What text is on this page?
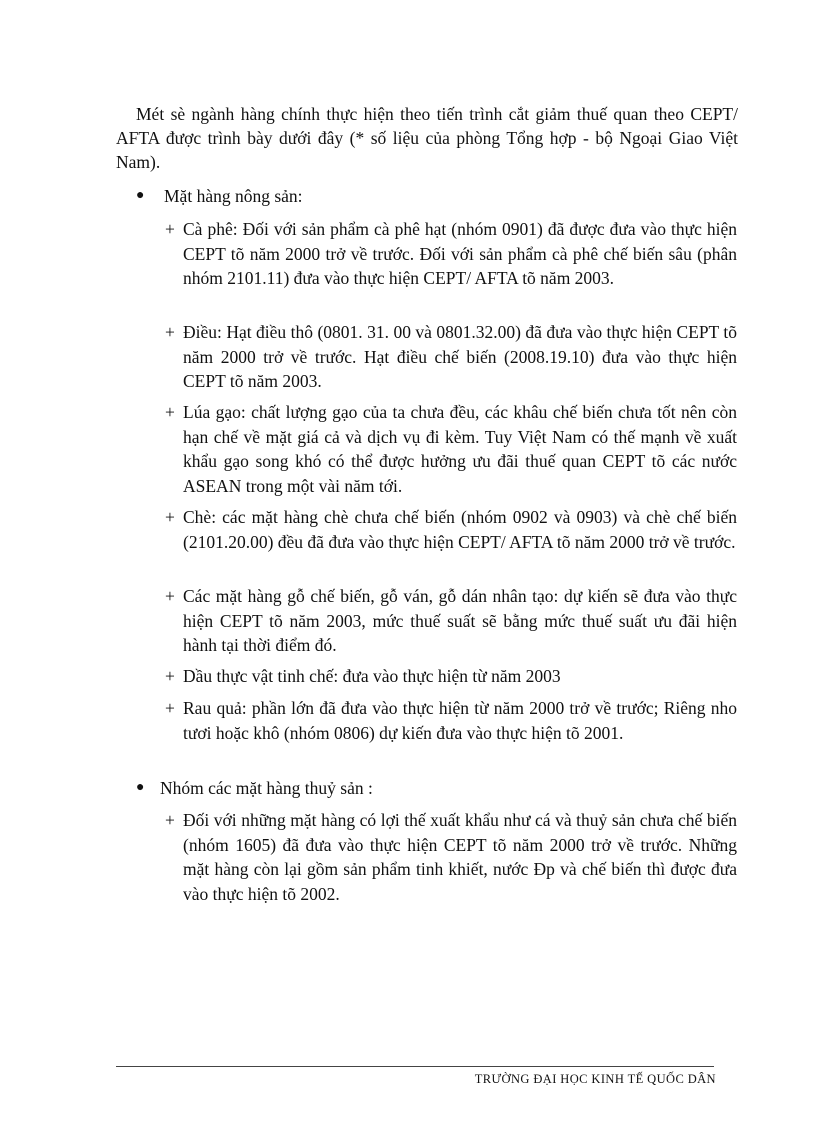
Mét sè ngành hàng chính thực hiện theo tiến trình cắt giảm thuế quan theo CEPT/ AFTA được trình bày dưới đây (* số liệu của phòng Tổng hợp - bộ Ngoại Giao Việt Nam).

● Mặt hàng nông sản:
+ Cà phê: Đối với sản phẩm cà phê hạt (nhóm 0901) đã được đưa vào thực hiện CEPT tõ năm 2000 trở về trước. Đối với sản phẩm cà phê chế biến sâu (phân nhóm 2101.11) đưa vào thực hiện CEPT/ AFTA tõ năm 2003.
+ Điều: Hạt điều thô (0801. 31. 00 và 0801.32.00) đã đưa vào thực hiện CEPT tõ năm 2000 trở về trước. Hạt điều chế biến (2008.19.10) đưa vào thực hiện CEPT tõ năm 2003.
+ Lúa gạo: chất lượng gạo của ta chưa đều, các khâu chế biến chưa tốt nên còn hạn chế về mặt giá cả và dịch vụ đi kèm. Tuy Việt Nam có thế mạnh về xuất khẩu gạo song khó có thể được hưởng ưu đãi thuế quan CEPT tõ các nước ASEAN trong một vài năm tới.
+ Chè: các mặt hàng chè chưa chế biến (nhóm 0902 và 0903) và chè chế biến (2101.20.00) đều đã đưa vào thực hiện CEPT/ AFTA tõ năm 2000 trở về trước.
+ Các mặt hàng gỗ chế biến, gỗ ván, gỗ dán nhân tạo: dự kiến sẽ đưa vào thực hiện CEPT tõ năm 2003, mức thuế suất sẽ bằng mức thuế suất ưu đãi hiện hành tại thời điểm đó.
+ Dầu thực vật tinh chế: đưa vào thực hiện từ năm 2003
+ Rau quả: phần lớn đã đưa vào thực hiện từ năm 2000 trở về trước; Riêng nho tươi hoặc khô (nhóm 0806) dự kiến đưa vào thực hiện tõ 2001.
● Nhóm các mặt hàng thuỷ sản :
+ Đối với những mặt hàng có lợi thế xuất khẩu như cá và thuỷ sản chưa chế biến (nhóm 1605) đã đưa vào thực hiện CEPT tõ năm 2000 trở về trước. Những mặt hàng còn lại gồm sản phẩm tinh khiết, nước Đp và chế biến thì được đưa vào thực hiện tõ 2002.
TRƯỜNG ĐẠI HỌC KINH TẾ QUỐC DÂN
